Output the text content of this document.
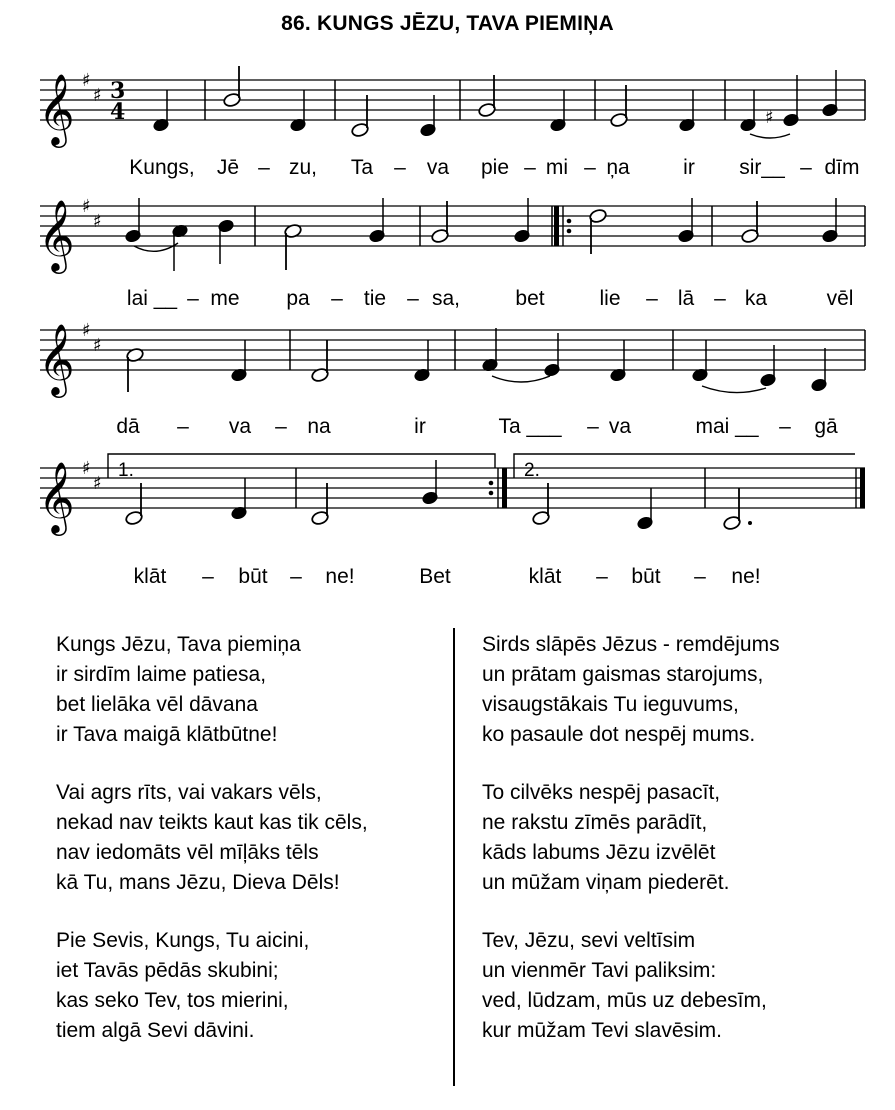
86. KUNGS JĒZU, TAVA PIEMIŅA
𝄞 ♯
♯ 3
4	♯
Kungs, Jē – zu, Ta – va pie – mi – ņa	ir sir__ – dīm
𝄞 ♯
♯
lai __ – me pa – tie – sa,	bet	lie – lā – ka	vēl
𝄞 ♯
♯
dā – va – na	ir	Ta ___ – va	mai __ – gā
𝄞 ♯
♯
1.	2.
klāt – būt – ne!	Bet	klāt – būt – ne!
Kungs Jēzu, Tava piemiņa
ir sirdīm laime patiesa,
bet lielāka vēl dāvana
ir Tava maigā klātbūtne!
Vai agrs rīts, vai vakars vēls,
nekad nav teikts kaut kas tik cēls,
nav iedomāts vēl mīļāks tēls
kā Tu, mans Jēzu, Dieva Dēls!
Pie Sevis, Kungs, Tu aicini,
iet Tavās pēdās skubini;
kas seko Tev, tos mierini,
tiem algā Sevi dāvini.
Sirds slāpēs Jēzus - remdējums
un prātam gaismas starojums,
visaugstākais Tu ieguvums,
ko pasaule dot nespēj mums.
To cilvēks nespēj pasacīt,
ne rakstu zīmēs parādīt,
kāds labums Jēzu izvēlēt
un mūžam viņam piederēt.
Tev, Jēzu, sevi veltīsim
un vienmēr Tavi paliksim:
ved, lūdzam, mūs uz debesīm,
kur mūžam Tevi slavēsim.
